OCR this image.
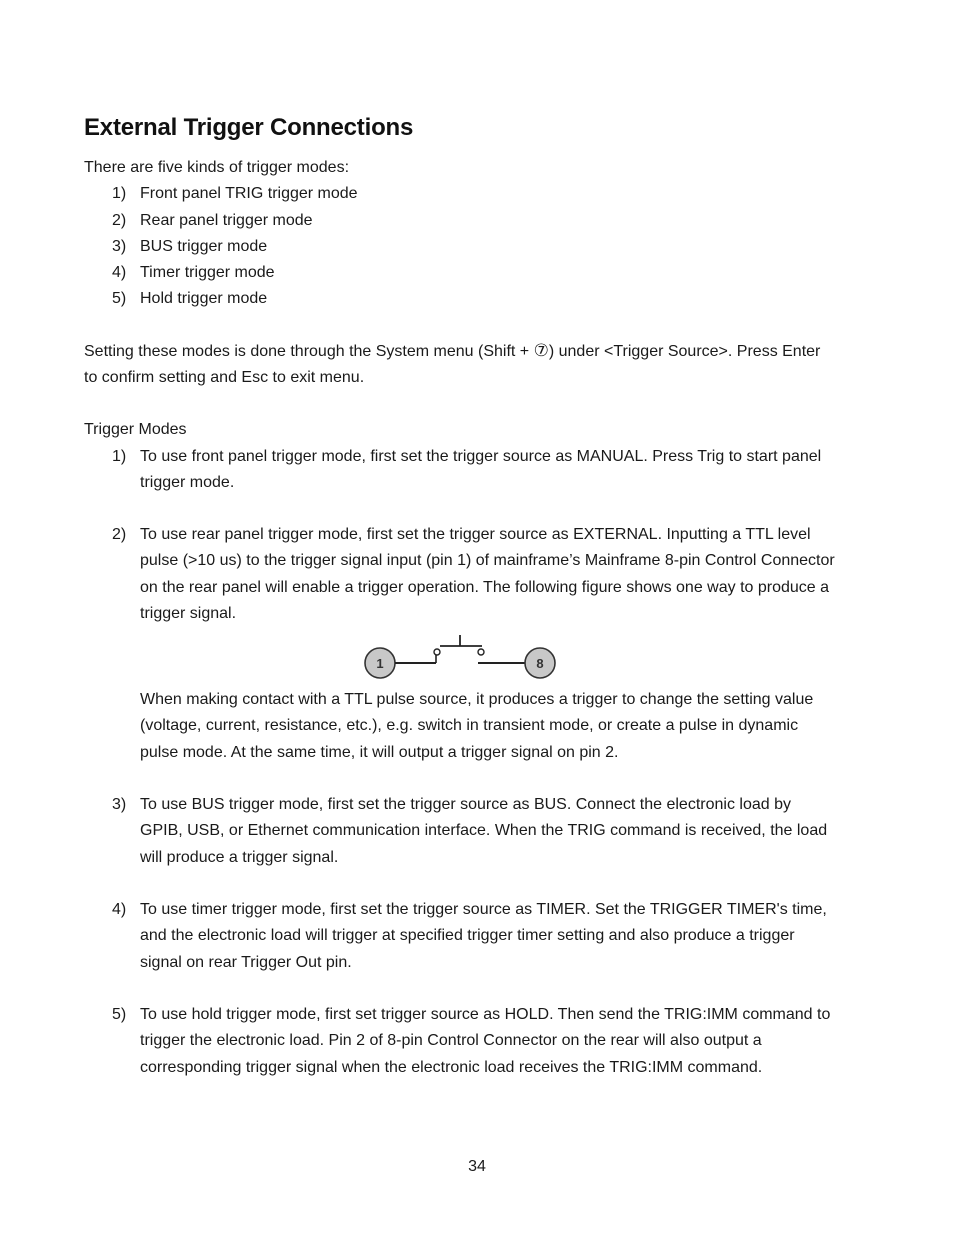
External Trigger Connections
There are five kinds of trigger modes:
1) Front panel TRIG trigger mode
2) Rear panel trigger mode
3) BUS trigger mode
4) Timer trigger mode
5) Hold trigger mode
Setting these modes is done through the System menu (Shift + ⑦) under <Trigger Source>. Press Enter to confirm setting and Esc to exit menu.
Trigger Modes
1) To use front panel trigger mode, first set the trigger source as MANUAL. Press Trig to start panel trigger mode.
2) To use rear panel trigger mode, first set the trigger source as EXTERNAL. Inputting a TTL level pulse (>10 us) to the trigger signal input (pin 1) of mainframe’s Mainframe 8-pin Control Connector on the rear panel will enable a trigger operation. The following figure shows one way to produce a trigger signal.
1	8
When making contact with a TTL pulse source, it produces a trigger to change the setting value (voltage, current, resistance, etc.), e.g. switch in transient mode, or create a pulse in dynamic pulse mode. At the same time, it will output a trigger signal on pin 2.
3) To use BUS trigger mode, first set the trigger source as BUS. Connect the electronic load by GPIB, USB, or Ethernet communication interface. When the TRIG command is received, the load will produce a trigger signal.
4) To use timer trigger mode, first set the trigger source as TIMER. Set the TRIGGER TIMER's time, and the electronic load will trigger at specified trigger timer setting and also produce a trigger signal on rear Trigger Out pin.
5) To use hold trigger mode, first set trigger source as HOLD. Then send the TRIG:IMM command to trigger the electronic load. Pin 2 of 8-pin Control Connector on the rear will also output a corresponding trigger signal when the electronic load receives the TRIG:IMM command.
34
